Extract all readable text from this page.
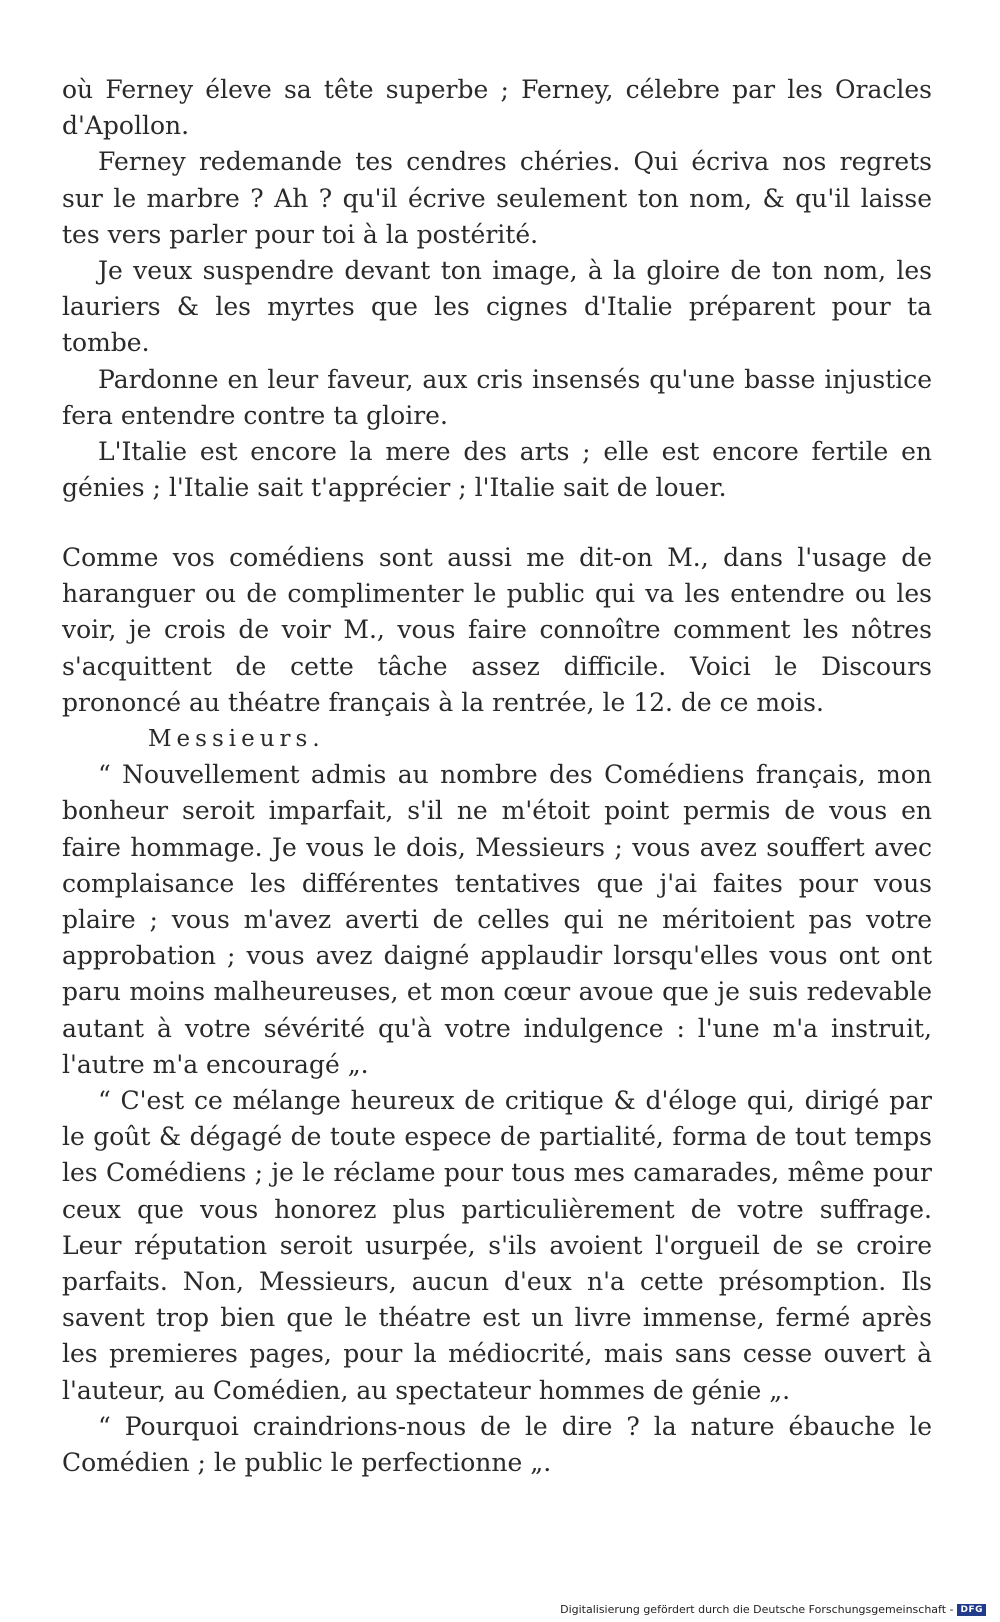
où Ferney éleve sa tête superbe ; Ferney, célebre par les Oracles d'Apollon.

Ferney redemande tes cendres chéries. Qui écriva nos regrets sur le marbre ? Ah ? qu'il écrive seulement ton nom, & qu'il laisse tes vers parler pour toi à la postérité.

Je veux suspendre devant ton image, à la gloire de ton nom, les lauriers & les myrtes que les cignes d'Italie préparent pour ta tombe.

Pardonne en leur faveur, aux cris insensés qu'une basse injustice fera entendre contre ta gloire.

L'Italie est encore la mere des arts ; elle est encore fertile en génies ; l'Italie sait t'apprécier ; l'Italie sait de louer.

Comme vos comédiens sont aussi me dit-on M., dans l'usage de haranguer ou de complimenter le public qui va les entendre ou les voir, je crois de voir M., vous faire connoître comment les nôtres s'acquittent de cette tâche assez difficile. Voici le Discours prononcé au théatre français à la rentrée, le 12. de ce mois.

Messieurs.

“ Nouvellement admis au nombre des Comédiens français, mon bonheur seroit imparfait, s'il ne m'étoit point permis de vous en faire hommage. Je vous le dois, Messieurs ; vous avez souffert avec complaisance les différentes tentatives que j'ai faites pour vous plaire ; vous m'avez averti de celles qui ne méritoient pas votre approbation ; vous avez daigné applaudir lorsqu'elles vous ont ont paru moins malheureuses, et mon cœur avoue que je suis redevable autant à votre sévérité qu'à votre indulgence : l'une m'a instruit, l'autre m'a encouragé „.

“ C'est ce mélange heureux de critique & d'éloge qui, dirigé par le goût & dégagé de toute espece de partialité, forma de tout temps les Comédiens ; je le réclame pour tous mes camarades, même pour ceux que vous honorez plus particulièrement de votre suffrage. Leur réputation seroit usurpée, s'ils avoient l'orgueil de se croire parfaits. Non, Messieurs, aucun d'eux n'a cette présomption. Ils savent trop bien que le théatre est un livre immense, fermé après les premieres pages, pour la médiocrité, mais sans cesse ouvert à l'auteur, au Comédien, au spectateur hommes de génie „.

“ Pourquoi craindrions-nous de le dire ? la nature ébauche le Comédien ; le public le perfectionne „.

Digitalisierung gefördert durch die Deutsche Forschungsgemeinschaft - DFG
